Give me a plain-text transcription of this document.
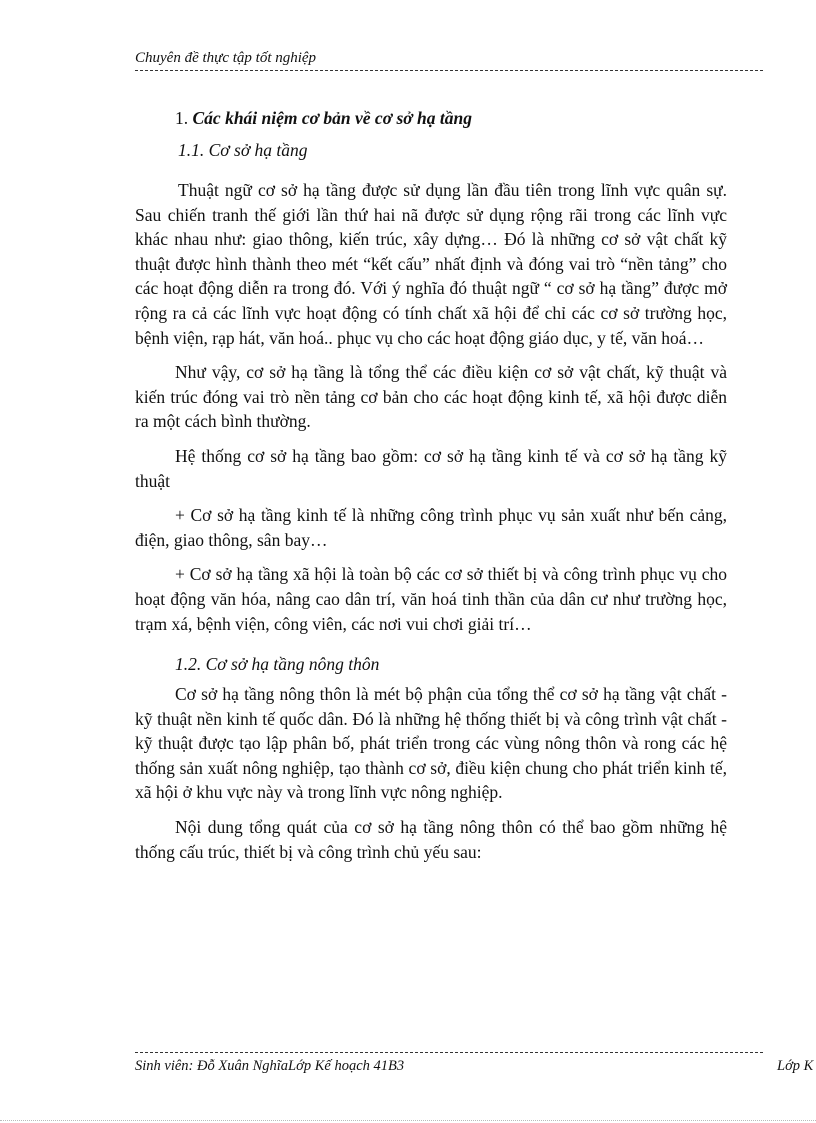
Chuyên đề thực tập tốt nghiệp

1. Các khái niệm cơ bản về cơ sở hạ tầng

1.1. Cơ sở hạ tầng

Thuật ngữ cơ sở hạ tầng được sử dụng lần đầu tiên trong lĩnh vực quân sự. Sau chiến tranh thế giới lần thứ hai nã được sử dụng rộng rãi trong các lĩnh vực khác nhau như: giao thông, kiến trúc, xây dựng… Đó là những cơ sở vật chất kỹ thuật được hình thành theo mét “kết cấu” nhất định và đóng vai trò “nền tảng” cho các hoạt động diễn ra trong đó. Với ý nghĩa đó thuật ngữ “ cơ sở hạ tầng” được mở rộng ra cả các lĩnh vực hoạt động có tính chất xã hội để chỉ các cơ sở trường học, bệnh viện, rạp hát, văn hoá.. phục vụ cho các hoạt động giáo dục, y tế, văn hoá…

Như vậy, cơ sở hạ tầng là tổng thể các điều kiện cơ sở vật chất, kỹ thuật và kiến trúc đóng vai trò nền tảng cơ bản cho các hoạt động kinh tế, xã hội được diễn ra một cách bình thường.

Hệ thống cơ sở hạ tầng bao gồm: cơ sở hạ tầng kinh tế và cơ sở hạ tầng kỹ thuật

+ Cơ sở hạ tầng kinh tế là những công trình phục vụ sản xuất như bến cảng, điện, giao thông, sân bay…

+ Cơ sở hạ tầng xã hội là toàn bộ các cơ sở thiết bị và công trình phục vụ cho hoạt động văn hóa, nâng cao dân trí, văn hoá tinh thần của dân cư như trường học, trạm xá, bệnh viện, công viên, các nơi vui chơi giải trí…

1.2. Cơ sở hạ tầng nông thôn

Cơ sở hạ tầng nông thôn là mét bộ phận của tổng thể cơ sở hạ tầng vật chất - kỹ thuật nền kinh tế quốc dân. Đó là những hệ thống thiết bị và công trình vật chất - kỹ thuật được tạo lập phân bố, phát triển trong các vùng nông thôn và rong các hệ thống sản xuất nông nghiệp, tạo thành cơ sở, điều kiện chung cho phát triển kinh tế, xã hội ở khu vực này và trong lĩnh vực nông nghiệp.

Nội dung tổng quát của cơ sở hạ tầng nông thôn có thể bao gồm những hệ thống cấu trúc, thiết bị và công trình chủ yếu sau:

Sinh viên: Đỗ Xuân NghĩaLớp Kế hoạch 41B3	Lớp K
